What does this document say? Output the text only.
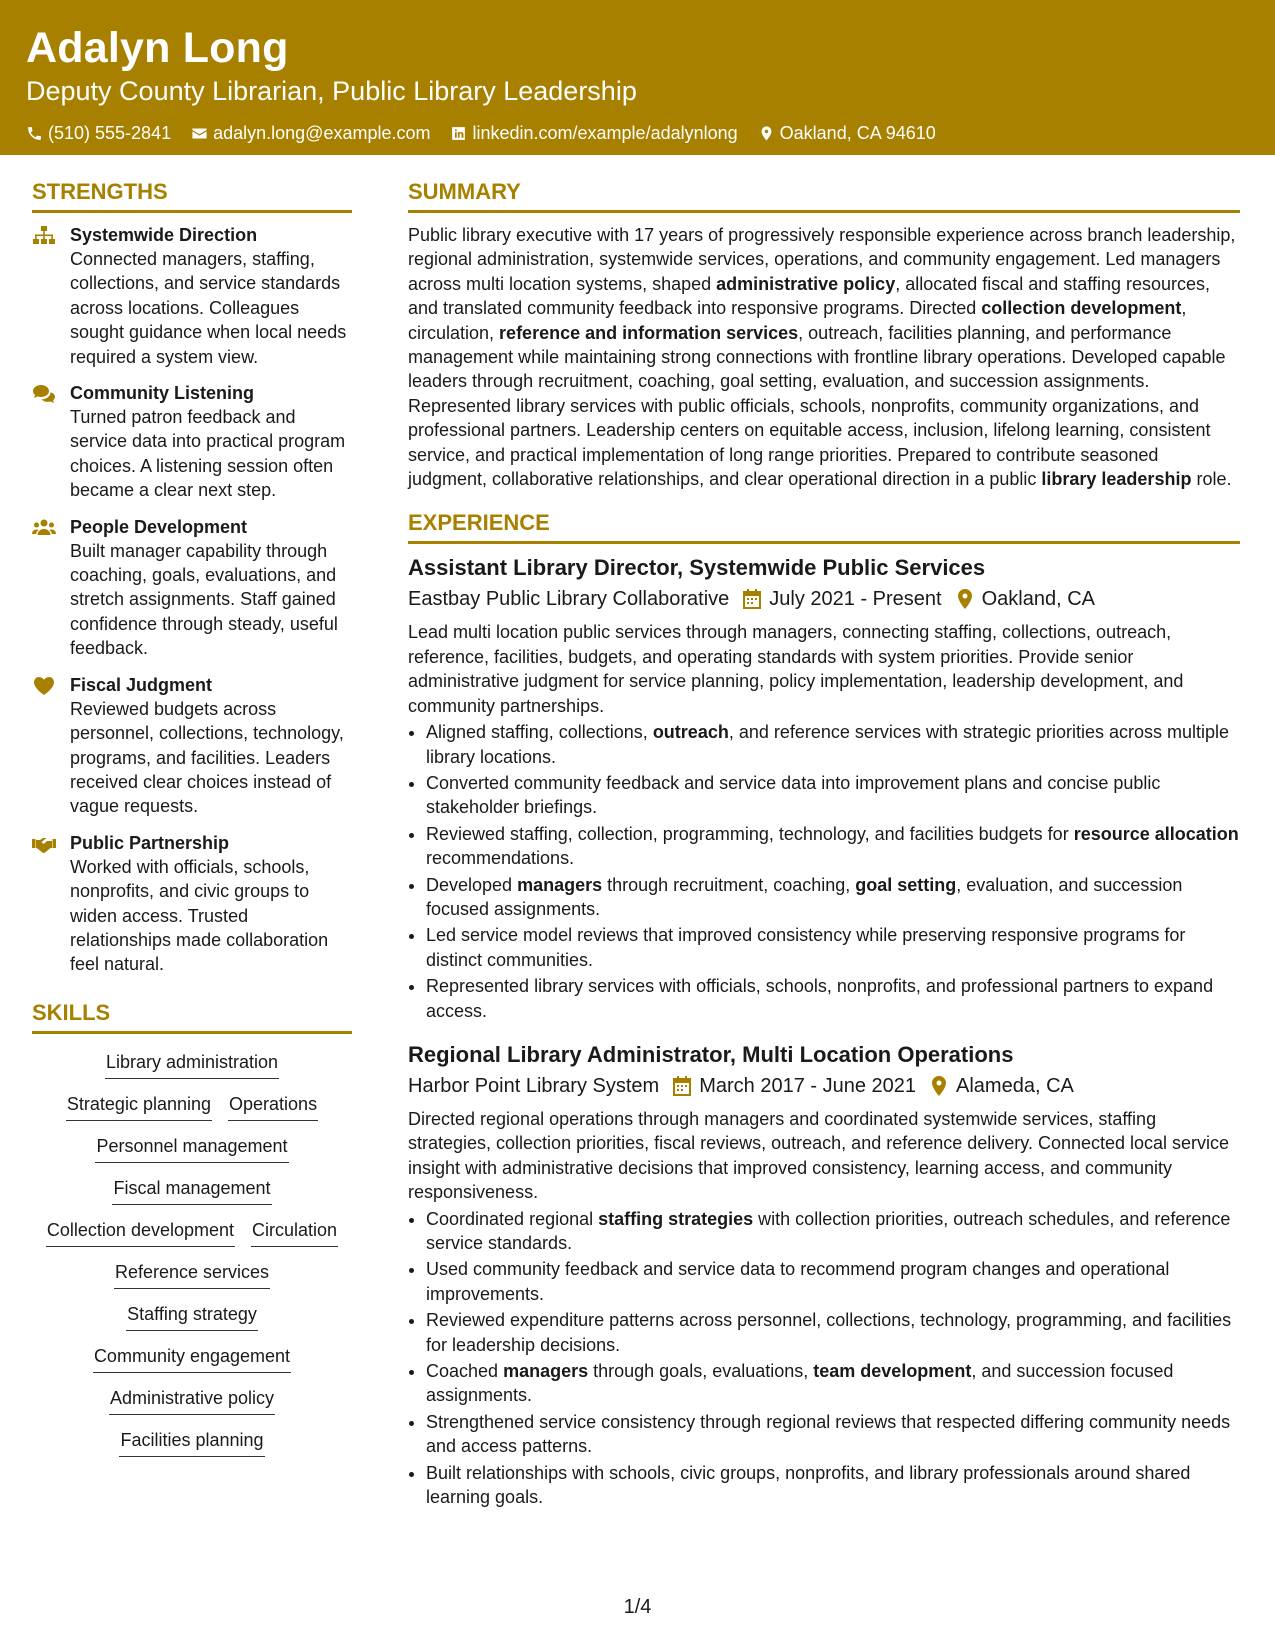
Adalyn Long
Deputy County Librarian, Public Library Leadership
(510) 555-2841 adalyn.long@example.com linkedin.com/example/adalynlong Oakland, CA 94610
STRENGTHS
Systemwide Direction
Connected managers, staffing, collections, and service standards across locations. Colleagues sought guidance when local needs required a system view.
Community Listening
Turned patron feedback and service data into practical program choices. A listening session often became a clear next step.
People Development
Built manager capability through coaching, goals, evaluations, and stretch assignments. Staff gained confidence through steady, useful feedback.
Fiscal Judgment
Reviewed budgets across personnel, collections, technology, programs, and facilities. Leaders received clear choices instead of vague requests.
Public Partnership
Worked with officials, schools, nonprofits, and civic groups to widen access. Trusted relationships made collaboration feel natural.
SKILLS
Library administration
Strategic planning Operations
Personnel management
Fiscal management
Collection development Circulation
Reference services
Staffing strategy
Community engagement
Administrative policy
Facilities planning
SUMMARY
Public library executive with 17 years of progressively responsible experience across branch leadership, regional administration, systemwide services, operations, and community engagement. Led managers across multi location systems, shaped administrative policy, allocated fiscal and staffing resources, and translated community feedback into responsive programs. Directed collection development, circulation, reference and information services, outreach, facilities planning, and performance management while maintaining strong connections with frontline library operations. Developed capable leaders through recruitment, coaching, goal setting, evaluation, and succession assignments. Represented library services with public officials, schools, nonprofits, community organizations, and professional partners. Leadership centers on equitable access, inclusion, lifelong learning, consistent service, and practical implementation of long range priorities. Prepared to contribute seasoned judgment, collaborative relationships, and clear operational direction in a public library leadership role.
EXPERIENCE
Assistant Library Director, Systemwide Public Services
Eastbay Public Library Collaborative July 2021 - Present Oakland, CA
Lead multi location public services through managers, connecting staffing, collections, outreach, reference, facilities, budgets, and operating standards with system priorities. Provide senior administrative judgment for service planning, policy implementation, leadership development, and community partnerships.
• Aligned staffing, collections, outreach, and reference services with strategic priorities across multiple library locations.
• Converted community feedback and service data into improvement plans and concise public stakeholder briefings.
• Reviewed staffing, collection, programming, technology, and facilities budgets for resource allocation recommendations.
• Developed managers through recruitment, coaching, goal setting, evaluation, and succession focused assignments.
• Led service model reviews that improved consistency while preserving responsive programs for distinct communities.
• Represented library services with officials, schools, nonprofits, and professional partners to expand access.
Regional Library Administrator, Multi Location Operations
Harbor Point Library System March 2017 - June 2021 Alameda, CA
Directed regional operations through managers and coordinated systemwide services, staffing strategies, collection priorities, fiscal reviews, outreach, and reference delivery. Connected local service insight with administrative decisions that improved consistency, learning access, and community responsiveness.
• Coordinated regional staffing strategies with collection priorities, outreach schedules, and reference service standards.
• Used community feedback and service data to recommend program changes and operational improvements.
• Reviewed expenditure patterns across personnel, collections, technology, programming, and facilities for leadership decisions.
• Coached managers through goals, evaluations, team development, and succession focused assignments.
• Strengthened service consistency through regional reviews that respected differing community needs and access patterns.
• Built relationships with schools, civic groups, nonprofits, and library professionals around shared learning goals.
1/4
